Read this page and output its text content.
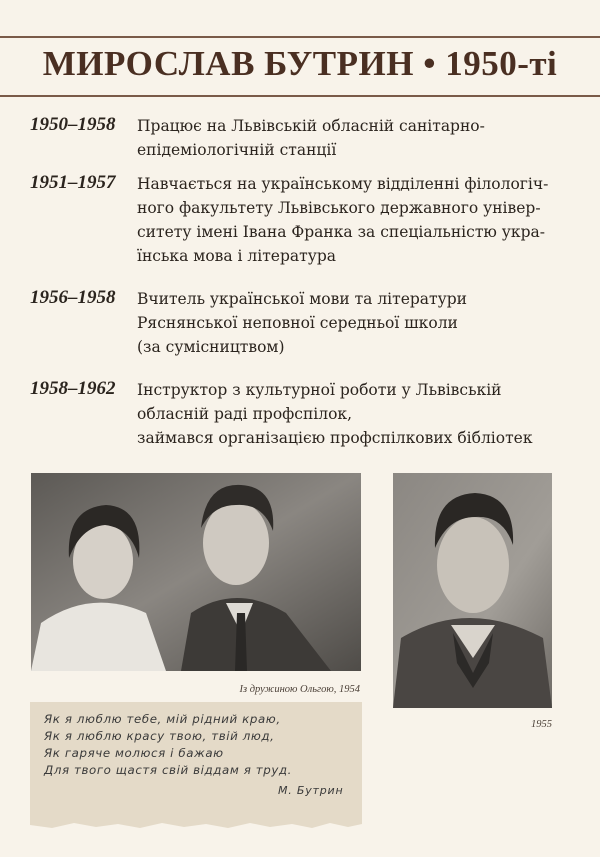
МИРОСЛАВ БУТРИН • 1950-ті
1950–1958	Працює на Львівській обласній санітарно-
епідеміологічній станції
1951–1957	Навчається на українському відділенні філологіч-
ного факультету Львівського державного універ-
ситету імені Івана Франка за спеціальністю укра-
їнська мова і література
1956–1958	Вчитель української мови та літератури
Ряснянської неповної середньої школи
(за сумісництвом)
1958–1962	Інструктор з культурної роботи у Львівській
обласній раді профспілок,
займався організацією профспілкових бібліотек
Із дружиною Ольгою, 1954
1955
Як я люблю тебе, мій рідний краю,
Як я люблю красу твою, твій люд,
Як гаряче молюся і бажаю
Для твого щастя свій віддам я труд.
М. Бутрин
